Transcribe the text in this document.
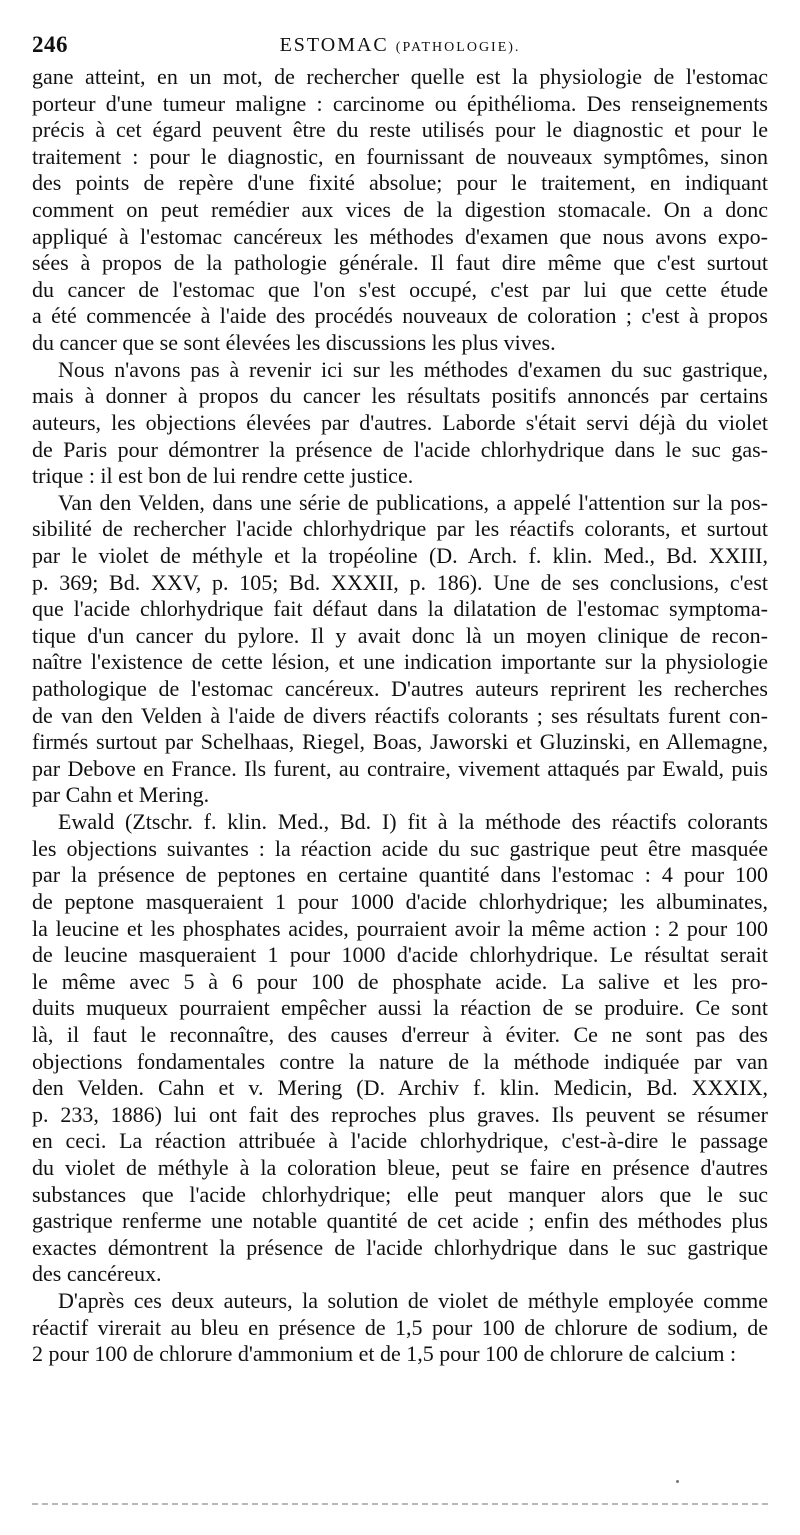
246	ESTOMAC (PATHOLOGIE).
gane atteint, en un mot, de rechercher quelle est la physiologie de l'estomac
porteur d'une tumeur maligne : carcinome ou épithélioma. Des renseignements
précis à cet égard peuvent être du reste utilisés pour le diagnostic et pour le
traitement : pour le diagnostic, en fournissant de nouveaux symptômes, sinon
des points de repère d'une fixité absolue; pour le traitement, en indiquant
comment on peut remédier aux vices de la digestion stomacale. On a donc
appliqué à l'estomac cancéreux les méthodes d'examen que nous avons expo-
sées à propos de la pathologie générale. Il faut dire même que c'est surtout
du cancer de l'estomac que l'on s'est occupé, c'est par lui que cette étude
a été commencée à l'aide des procédés nouveaux de coloration ; c'est à propos
du cancer que se sont élevées les discussions les plus vives.
Nous n'avons pas à revenir ici sur les méthodes d'examen du suc gastrique,
mais à donner à propos du cancer les résultats positifs annoncés par certains
auteurs, les objections élevées par d'autres. Laborde s'était servi déjà du violet
de Paris pour démontrer la présence de l'acide chlorhydrique dans le suc gas-
trique : il est bon de lui rendre cette justice.
Van den Velden, dans une série de publications, a appelé l'attention sur la pos-
sibilité de rechercher l'acide chlorhydrique par les réactifs colorants, et surtout
par le violet de méthyle et la tropéoline (D. Arch. f. klin. Med., Bd. XXIII,
p. 369; Bd. XXV, p. 105; Bd. XXXII, p. 186). Une de ses conclusions, c'est
que l'acide chlorhydrique fait défaut dans la dilatation de l'estomac symptoma-
tique d'un cancer du pylore. Il y avait donc là un moyen clinique de recon-
naître l'existence de cette lésion, et une indication importante sur la physiologie
pathologique de l'estomac cancéreux. D'autres auteurs reprirent les recherches
de van den Velden à l'aide de divers réactifs colorants ; ses résultats furent con-
firmés surtout par Schelhaas, Riegel, Boas, Jaworski et Gluzinski, en Allemagne,
par Debove en France. Ils furent, au contraire, vivement attaqués par Ewald, puis
par Cahn et Mering.
Ewald (Ztschr. f. klin. Med., Bd. I) fit à la méthode des réactifs colorants
les objections suivantes : la réaction acide du suc gastrique peut être masquée
par la présence de peptones en certaine quantité dans l'estomac : 4 pour 100
de peptone masqueraient 1 pour 1000 d'acide chlorhydrique; les albuminates,
la leucine et les phosphates acides, pourraient avoir la même action : 2 pour 100
de leucine masqueraient 1 pour 1000 d'acide chlorhydrique. Le résultat serait
le même avec 5 à 6 pour 100 de phosphate acide. La salive et les pro-
duits muqueux pourraient empêcher aussi la réaction de se produire. Ce sont
là, il faut le reconnaître, des causes d'erreur à éviter. Ce ne sont pas des
objections fondamentales contre la nature de la méthode indiquée par van
den Velden. Cahn et v. Mering (D. Archiv f. klin. Medicin, Bd. XXXIX,
p. 233, 1886) lui ont fait des reproches plus graves. Ils peuvent se résumer
en ceci. La réaction attribuée à l'acide chlorhydrique, c'est-à-dire le passage
du violet de méthyle à la coloration bleue, peut se faire en présence d'autres
substances que l'acide chlorhydrique; elle peut manquer alors que le suc
gastrique renferme une notable quantité de cet acide ; enfin des méthodes plus
exactes démontrent la présence de l'acide chlorhydrique dans le suc gastrique
des cancéreux.
D'après ces deux auteurs, la solution de violet de méthyle employée comme
réactif virerait au bleu en présence de 1,5 pour 100 de chlorure de sodium, de
2 pour 100 de chlorure d'ammonium et de 1,5 pour 100 de chlorure de calcium :
